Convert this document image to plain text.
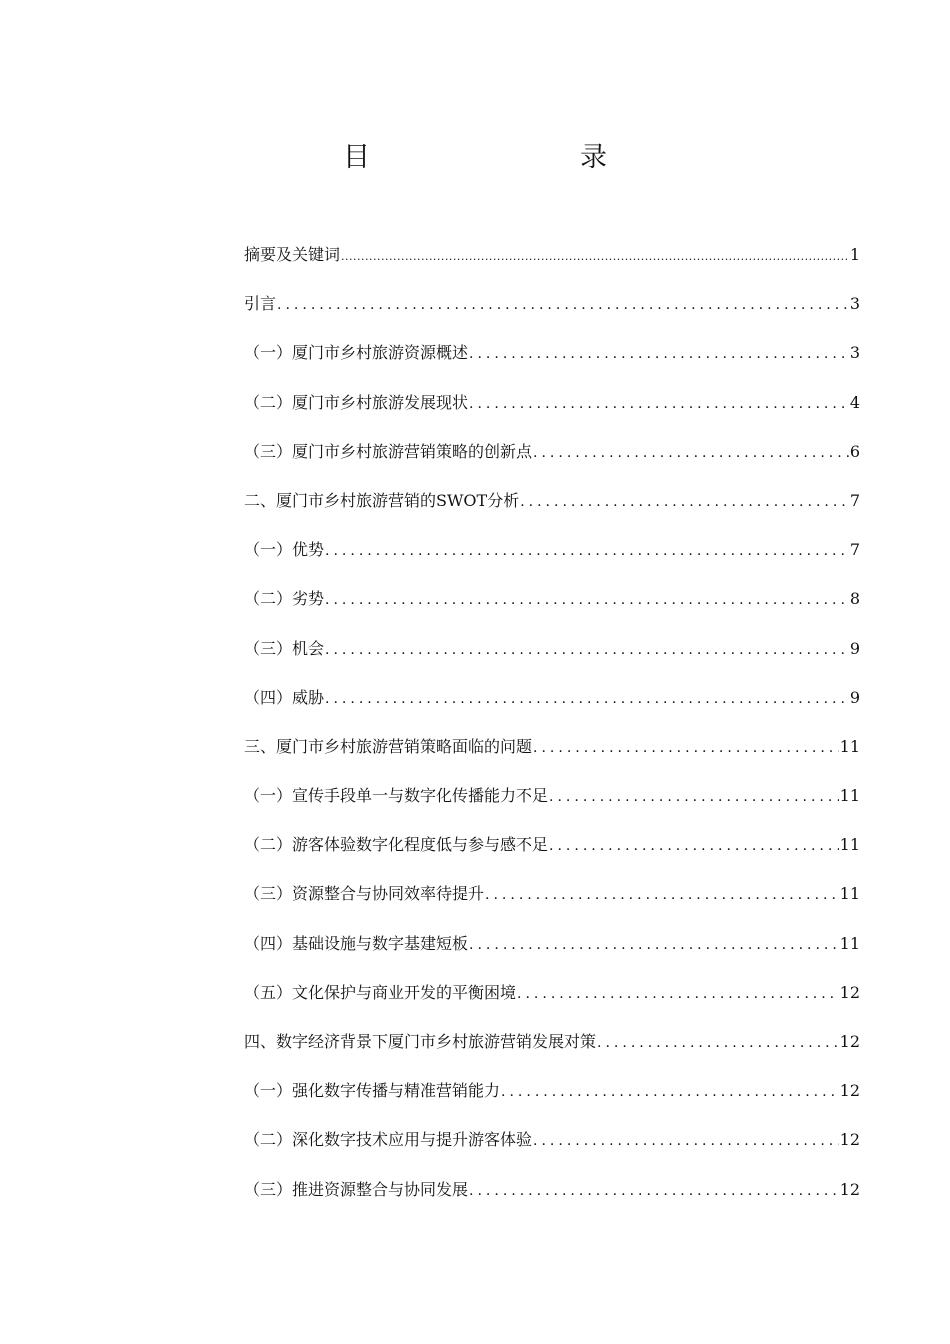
目　　录
摘要及关键词 .....	1
引言 .....	3
（一）厦门市乡村旅游资源概述 .....	3
（二）厦门市乡村旅游发展现状 .....	4
（三）厦门市乡村旅游营销策略的创新点 .....	6
二、厦门市乡村旅游营销的SWOT分析 .....	7
（一）优势 .....	7
（二）劣势 .....	8
（三）机会 .....	9
（四）威胁 .....	9
三、厦门市乡村旅游营销策略面临的问题 .....	11
（一）宣传手段单一与数字化传播能力不足 .....	11
（二）游客体验数字化程度低与参与感不足 .....	11
（三）资源整合与协同效率待提升 .....	11
（四）基础设施与数字基建短板 .....	11
（五）文化保护与商业开发的平衡困境 .....	12
四、数字经济背景下厦门市乡村旅游营销发展对策 .....	12
（一）强化数字传播与精准营销能力 .....	12
（二）深化数字技术应用与提升游客体验 .....	12
（三）推进资源整合与协同发展 .....	12
